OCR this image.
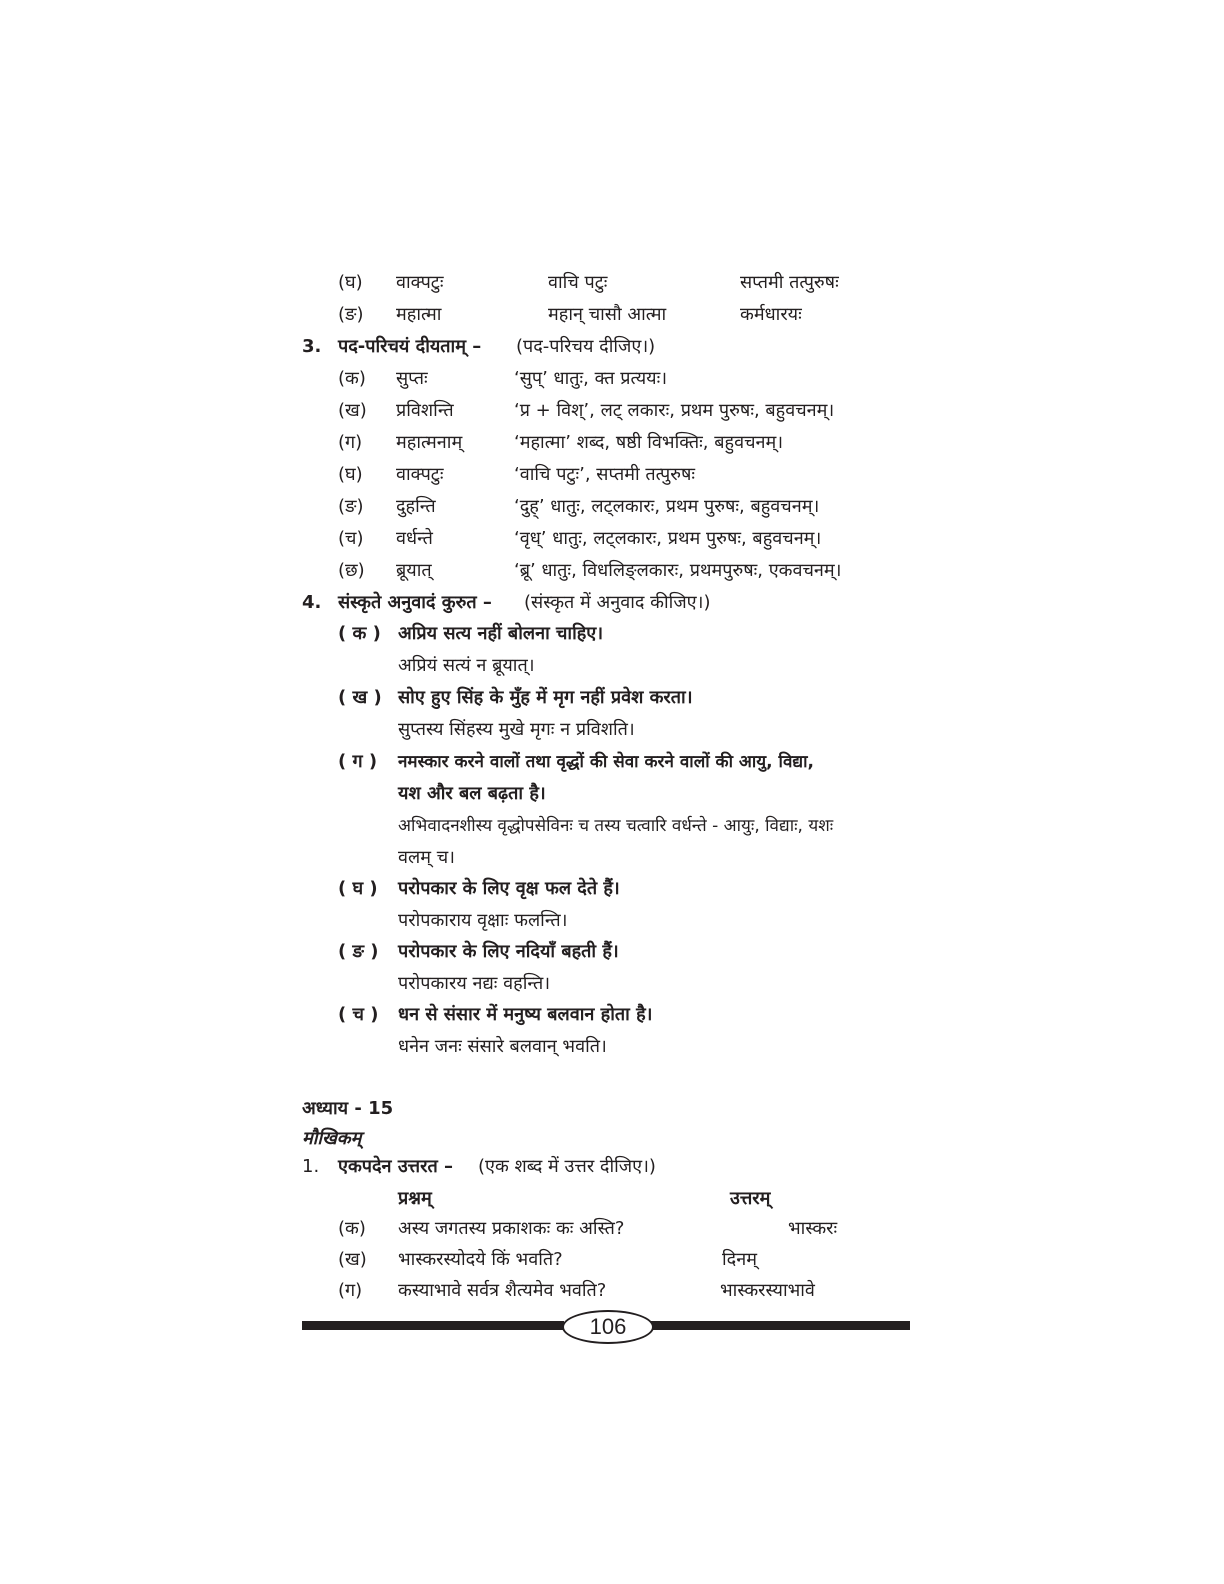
(घ) वाक्पटुः	वाचि पटुः	सप्तमी तत्पुरुषः
(ङ) महात्मा	महान् चासौ आत्मा	कर्मधारयः
3. पद-परिचयं दीयताम् – (पद-परिचय दीजिए।)
(क) सुप्तः	‘सुप्’ धातुः, क्त प्रत्ययः।
(ख) प्रविशन्ति	‘प्र + विश्’, लट् लकारः, प्रथम पुरुषः, बहुवचनम्।
(ग) महात्मनाम्	‘महात्मा’ शब्द, षष्ठी विभक्तिः, बहुवचनम्।
(घ) वाक्पटुः	‘वाचि पटुः’, सप्तमी तत्पुरुषः
(ङ) दुहन्ति	‘दुह्’ धातुः, लट्लकारः, प्रथम पुरुषः, बहुवचनम्।
(च) वर्धन्ते	‘वृध्’ धातुः, लट्लकारः, प्रथम पुरुषः, बहुवचनम्।
(छ) ब्रूयात्	‘ब्रू’ धातुः, विधलिङ्लकारः, प्रथमपुरुषः, एकवचनम्।
4. संस्कृते अनुवादं कुरुत – (संस्कृत में अनुवाद कीजिए।)
( क ) अप्रिय सत्य नहीं बोलना चाहिए।
अप्रियं सत्यं न ब्रूयात्।
( ख ) सोए हुए सिंह के मुँह में मृग नहीं प्रवेश करता।
सुप्तस्य सिंहस्य मुखे मृगः न प्रविशति।
( ग ) नमस्कार करने वालों तथा वृद्धों की सेवा करने वालों की आयु, विद्या,
यश और बल बढ़ता है।
अभिवादनशीस्य वृद्धोपसेविनः च तस्य चत्वारि वर्धन्ते - आयुः, विद्याः, यशः
वलम् च।
( घ ) परोपकार के लिए वृक्ष फल देते हैं।
परोपकाराय वृक्षाः फलन्ति।
( ङ ) परोपकार के लिए नदियाँ बहती हैं।
परोपकारय नद्यः वहन्ति।
( च ) धन से संसार में मनुष्य बलवान होता है।
धनेन जनः संसारे बलवान् भवति।
अध्याय - 15
मौखिकम्
1. एकपदेन उत्तरत – (एक शब्द में उत्तर दीजिए।)
प्रश्नम्	उत्तरम्
(क) अस्य जगतस्य प्रकाशकः कः अस्ति?	भास्करः
(ख) भास्करस्योदये किं भवति?	दिनम्
(ग) कस्याभावे सर्वत्र शैत्यमेव भवति?	भास्करस्याभावे
106
